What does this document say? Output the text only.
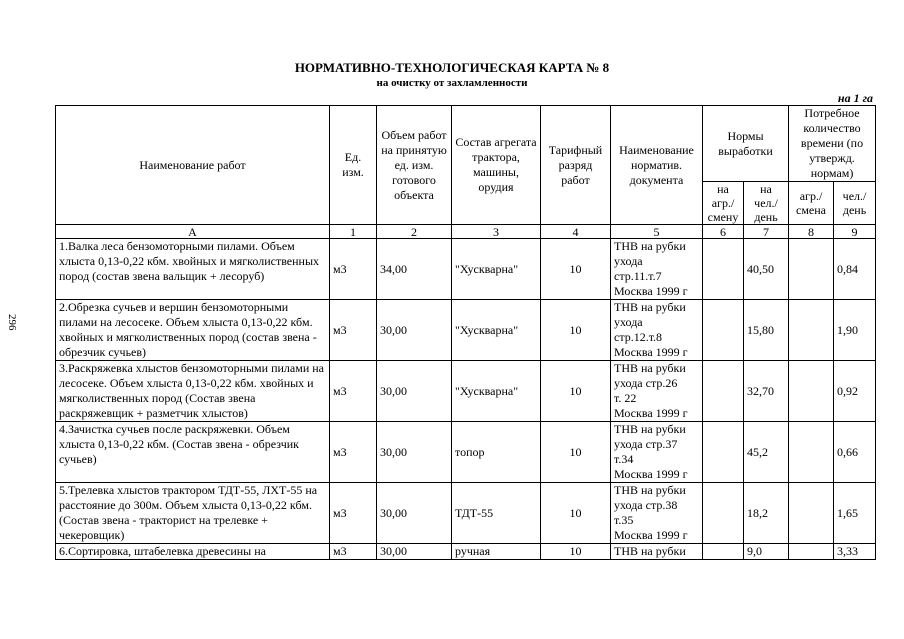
296
НОРМАТИВНО-ТЕХНОЛОГИЧЕСКАЯ КАРТА № 8
на очистку от захламленности
на 1 га
Наименование работ	Ед. изм.	Объем работ на принятую ед. изм. готового объекта	Состав агрегата трактора, машины, орудия	Тарифный разряд работ	Наименование норматив. документа	Нормы выработки		Потребное количество времени (по утвержд. нормам)	
						на агр./ смену	на чел./ день	агр./ смена	чел./ день
А	1	2	3	4	5	6	7	8	9
1.Валка леса бензомоторными пилами. Объем хлыста 0,13-0,22 кбм. хвойных и мягколиственных пород (состав звена вальщик + лесоруб)	м3	34,00	"Хускварна"	10	ТНВ на рубки
ухода
стр.11.т.7
Москва 1999 г		40,50		0,84
2.Обрезка сучьев и вершин бензомоторными пилами на лесосеке. Объем хлыста 0,13-0,22 кбм. хвойных и мягколиственных пород (состав звена - обрезчик сучьев)	м3	30,00	"Хускварна"	10	ТНВ на рубки
ухода
стр.12.т.8
Москва 1999 г		15,80		1,90
3.Раскряжевка хлыстов бензомоторными пилами на лесосеке. Объем хлыста 0,13-0,22 кбм. хвойных и мягколиственных пород (Состав звена раскряжевщик + разметчик хлыстов)	м3	30,00	"Хускварна"	10	ТНВ на рубки
ухода стр.26
т. 22
Москва 1999 г		32,70		0,92
4.Зачистка сучьев после раскряжевки. Объем хлыста 0,13-0,22 кбм. (Состав звена - обрезчик сучьев)	м3	30,00	топор	10	ТНВ на рубки
ухода стр.37
т.34
Москва 1999 г		45,2		0,66
5.Трелевка хлыстов трактором ТДТ-55, ЛХТ-55 на расстояние до 300м. Объем хлыста 0,13-0,22 кбм. (Состав звена - тракторист на трелевке + чекеровщик)	м3	30,00	ТДТ-55	10	ТНВ на рубки
ухода стр.38
т.35
Москва 1999 г		18,2		1,65
6.Сортировка, штабелевка древесины на	м3	30,00	ручная	10	ТНВ на рубки		9,0		3,33
